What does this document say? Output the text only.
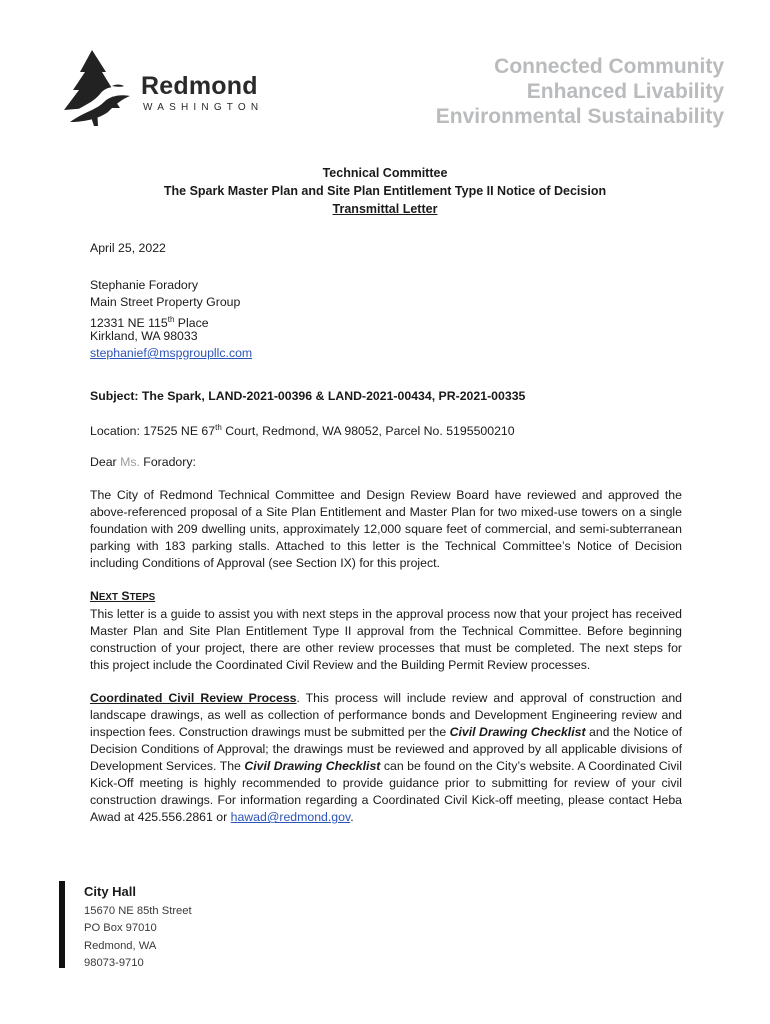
Redmond
WASHINGTON
Connected Community
Enhanced Livability
Environmental Sustainability
Technical Committee
The Spark Master Plan and Site Plan Entitlement Type II Notice of Decision
Transmittal Letter

April 25, 2022

Stephanie Foradory
Main Street Property Group
12331 NE 115th Place
Kirkland, WA 98033
stephanief@mspgroupllc.com

Subject: The Spark, LAND-2021-00396 & LAND-2021-00434, PR-2021-00335

Location: 17525 NE 67th Court, Redmond, WA 98052, Parcel No. 5195500210

Dear Ms. Foradory:

The City of Redmond Technical Committee and Design Review Board have reviewed and approved the above-referenced proposal of a Site Plan Entitlement and Master Plan for two mixed-use towers on a single foundation with 209 dwelling units, approximately 12,000 square feet of commercial, and semi-subterranean parking with 183 parking stalls. Attached to this letter is the Technical Committee’s Notice of Decision including Conditions of Approval (see Section IX) for this project.

NEXT STEPS

This letter is a guide to assist you with next steps in the approval process now that your project has received Master Plan and Site Plan Entitlement Type II approval from the Technical Committee. Before beginning construction of your project, there are other review processes that must be completed. The next steps for this project include the Coordinated Civil Review and the Building Permit Review processes.

Coordinated Civil Review Process. This process will include review and approval of construction and landscape drawings, as well as collection of performance bonds and Development Engineering review and inspection fees. Construction drawings must be submitted per the Civil Drawing Checklist and the Notice of Decision Conditions of Approval; the drawings must be reviewed and approved by all applicable divisions of Development Services. The Civil Drawing Checklist can be found on the City’s website. A Coordinated Civil Kick-Off meeting is highly recommended to provide guidance prior to submitting for review of your civil construction drawings. For information regarding a Coordinated Civil Kick-off meeting, please contact Heba Awad at 425.556.2861 or hawad@redmond.gov.

City Hall
15670 NE 85th Street
PO Box 97010
Redmond, WA
98073-9710
